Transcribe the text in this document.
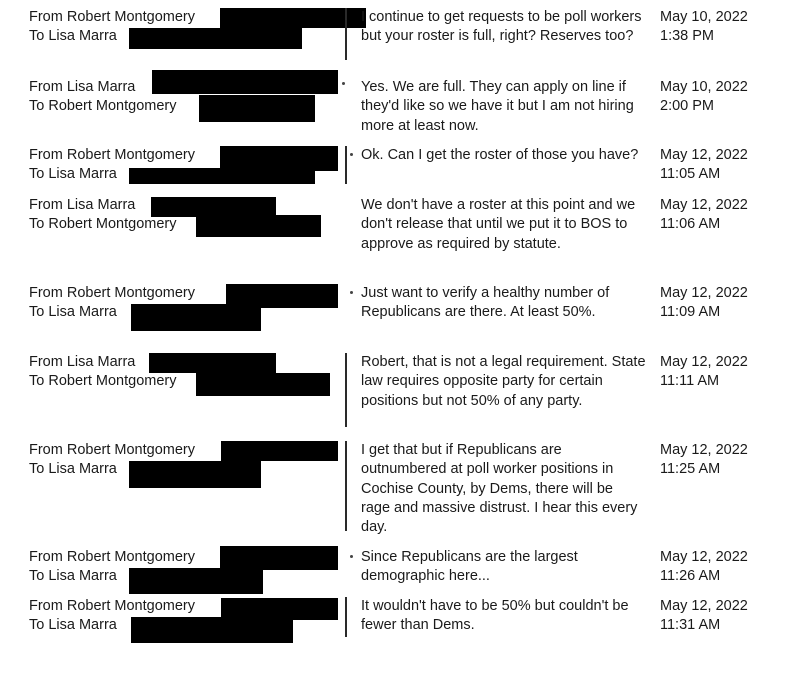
From Robert Montgomery
To Lisa Marra
I continue to get requests to be poll workers but your roster is full, right? Reserves too?
May 10, 2022
1:38 PM
From Lisa Marra
To Robert Montgomery
Yes. We are full. They can apply on line if they'd like so we have it but I am not hiring more at least now.
May 10, 2022
2:00 PM
From Robert Montgomery
To Lisa Marra
Ok. Can I get the roster of those you have?	May 12, 2022
11:05 AM
From Lisa Marra
To Robert Montgomery
We don't have a roster at this point and we don't release that until we put it to BOS to approve as required by statute.
May 12, 2022
11:06 AM
From Robert Montgomery
To Lisa Marra
Just want to verify a healthy number of Republicans are there. At least 50%.
May 12, 2022
11:09 AM
From Lisa Marra
To Robert Montgomery
Robert, that is not a legal requirement. State law requires opposite party for certain positions but not 50% of any party.
May 12, 2022
11:11 AM
From Robert Montgomery
To Lisa Marra
I get that but if Republicans are outnumbered at poll worker positions in Cochise County, by Dems, there will be rage and massive distrust. I hear this every day.
May 12, 2022
11:25 AM
From Robert Montgomery
To Lisa Marra
Since Republicans are the largest demographic here...
May 12, 2022
11:26 AM
From Robert Montgomery
To Lisa Marra
It wouldn't have to be 50% but couldn't be fewer than Dems.
May 12, 2022
11:31 AM
